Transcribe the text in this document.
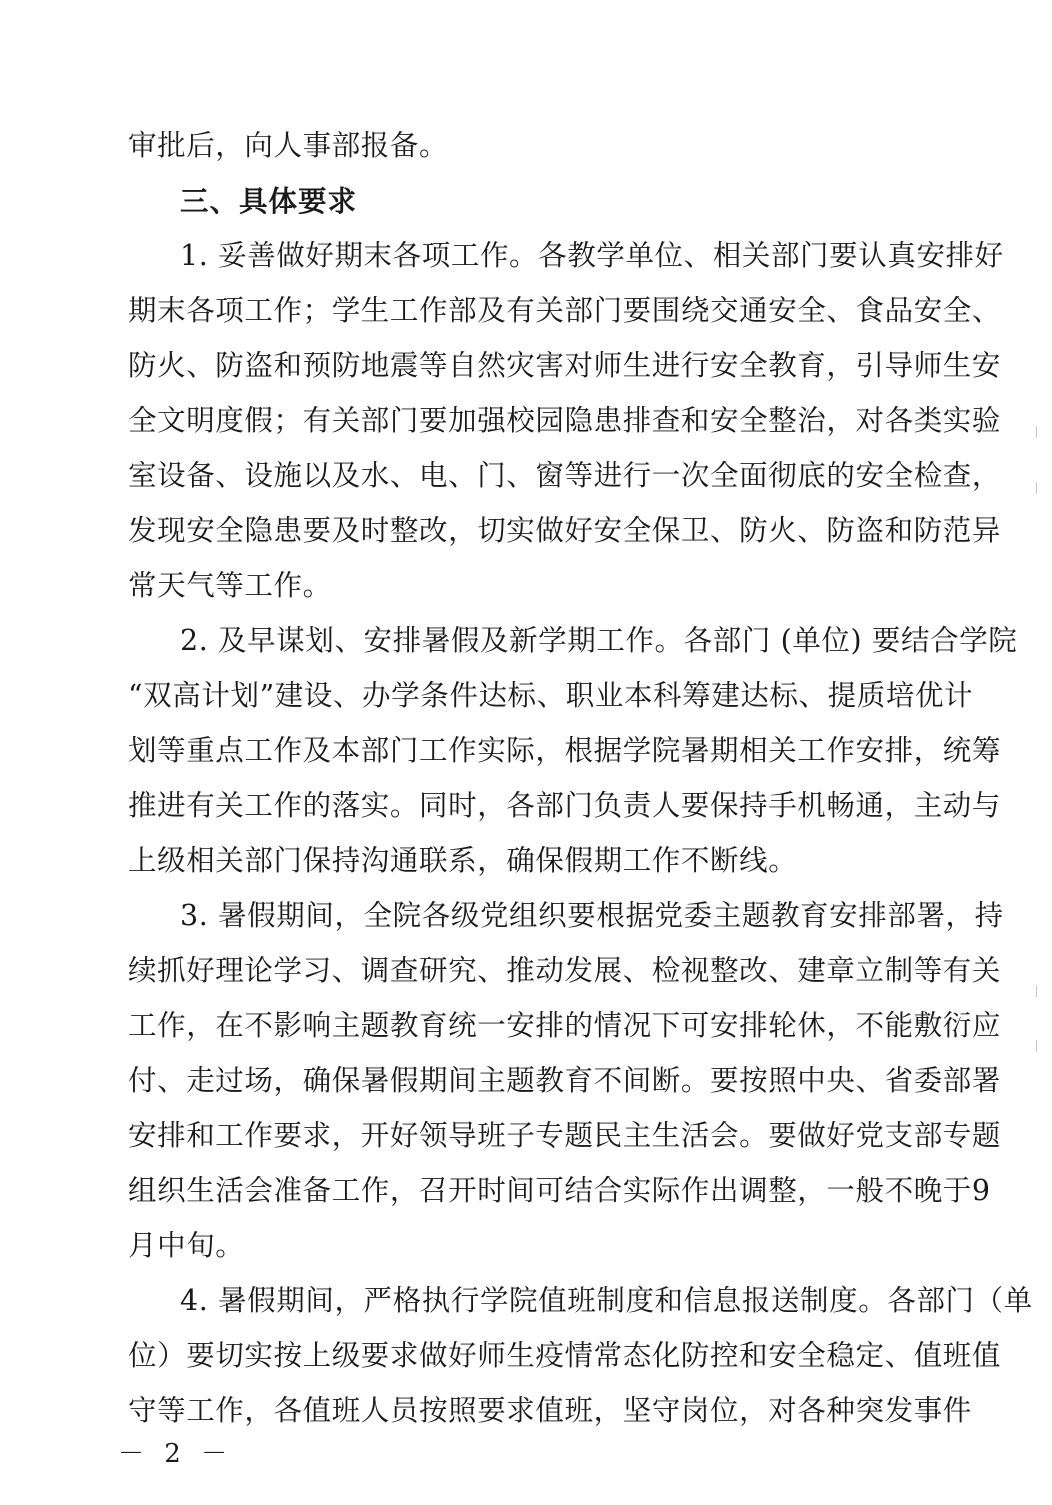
审批后，向人事部报备。
三、具体要求
1. 妥善做好期末各项工作。各教学单位、相关部门要认真安排好
期末各项工作；学生工作部及有关部门要围绕交通安全、食品安全、
防火、防盗和预防地震等自然灾害对师生进行安全教育，引导师生安
全文明度假；有关部门要加强校园隐患排查和安全整治，对各类实验
室设备、设施以及水、电、门、窗等进行一次全面彻底的安全检查，
发现安全隐患要及时整改，切实做好安全保卫、防火、防盗和防范异
常天气等工作。
2. 及早谋划、安排暑假及新学期工作。各部门 (单位) 要结合学院
“双高计划”建设、办学条件达标、职业本科筹建达标、提质培优计
划等重点工作及本部门工作实际，根据学院暑期相关工作安排，统筹
推进有关工作的落实。同时，各部门负责人要保持手机畅通，主动与
上级相关部门保持沟通联系，确保假期工作不断线。
3. 暑假期间，全院各级党组织要根据党委主题教育安排部署，持
续抓好理论学习、调查研究、推动发展、检视整改、建章立制等有关
工作，在不影响主题教育统一安排的情况下可安排轮休，不能敷衍应
付、走过场，确保暑假期间主题教育不间断。要按照中央、省委部署
安排和工作要求，开好领导班子专题民主生活会。要做好党支部专题
组织生活会准备工作，召开时间可结合实际作出调整，一般不晚于9
月中旬。
4. 暑假期间，严格执行学院值班制度和信息报送制度。各部门（单
位）要切实按上级要求做好师生疫情常态化防控和安全稳定、值班值
守等工作，各值班人员按照要求值班，坚守岗位，对各种突发事件
－ 2 －
